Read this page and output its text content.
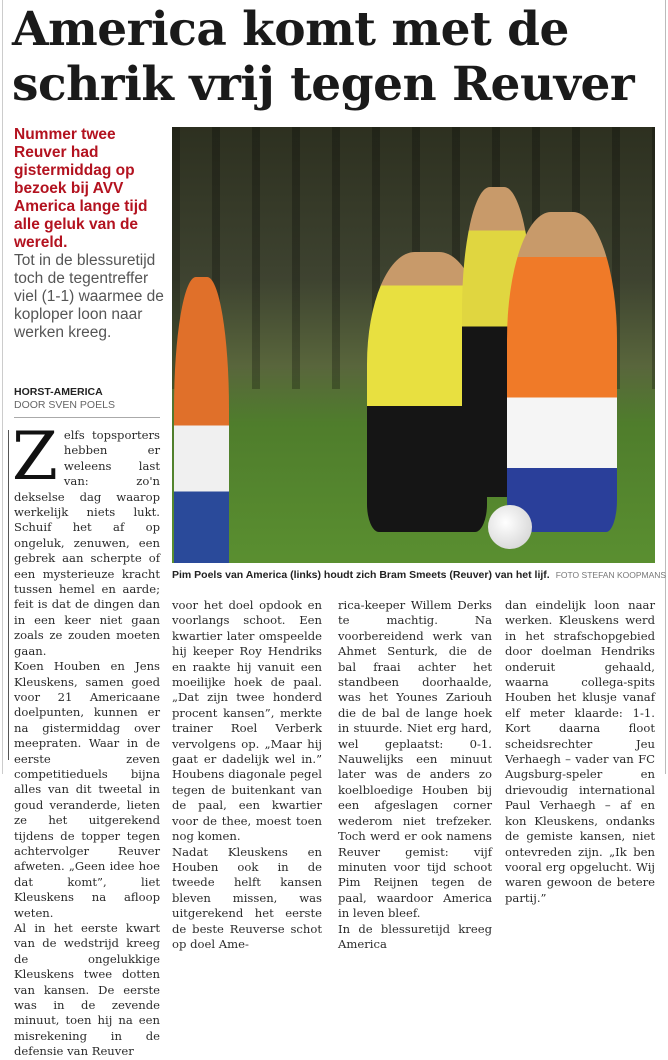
America komt met de schrik vrij tegen Reuver
Nummer twee Reuver had gistermiddag op bezoek bij AVV America lange tijd alle geluk van de wereld.
Tot in de blessuretijd toch de tegentreffer viel (1-1) waarmee de koploper loon naar werken kreeg.
HORST-AMERICA
DOOR SVEN POELS
Pim Poels van America (links) houdt zich Bram Smeets (Reuver) van het lijf. FOTO STEFAN KOOPMANS
Z elfs topsporters hebben er weleens last van: zo'n dekselse dag waarop werkelijk niets lukt. Schuif het af op ongeluk, zenuwen, een gebrek aan scherpte of een mysterieuze kracht tussen hemel en aarde; feit is dat de dingen dan in een keer niet gaan zoals ze zouden moeten gaan.

Koen Houben en Jens Kleuskens, samen goed voor 21 Americaane doelpunten, kunnen er na gistermiddag over meepraten. Waar in de eerste zeven competitieduels bijna alles van dit tweetal in goud veranderde, lieten ze het uitgerekend tijdens de topper tegen achtervolger Reuver afweten. „Geen idee hoe dat komt”, liet Kleuskens na afloop weten.

Al in het eerste kwart van de wedstrijd kreeg de ongelukkige Kleuskens twee dotten van kansen. De eerste was in de zevende minuut, toen hij na een misrekening in de defensie van Reuver

voor het doel opdook en voorlangs schoot. Een kwartier later omspeelde hij keeper Roy Hendriks en raakte hij vanuit een moeilijke hoek de paal. „Dat zijn twee honderd procent kansen”, merkte trainer Roel Verberk vervolgens op. „Maar hij gaat er dadelijk wel in.” Houbens diagonale pegel tegen de buitenkant van de paal, een kwartier voor de thee, moest toen nog komen.

Nadat Kleuskens en Houben ook in de tweede helft kansen bleven missen, was uitgerekend het eerste de beste Reuverse schot op doel Ame-

rica-keeper Willem Derks te machtig. Na voorbereidend werk van Ahmet Senturk, die de bal fraai achter het standbeen doorhaalde, was het Younes Zariouh die de bal de lange hoek in stuurde. Niet erg hard, wel geplaatst: 0-1. Nauwelijks een minuut later was de anders zo koelbloedige Houben bij een afgeslagen corner wederom niet trefzeker. Toch werd er ook namens Reuver gemist: vijf minuten voor tijd schoot Pim Reijnen tegen de paal, waardoor America in leven bleef.

In de blessuretijd kreeg America

dan eindelijk loon naar werken. Kleuskens werd in het strafschopgebied door doelman Hendriks onderuit gehaald, waarna collega-spits Houben het klusje vanaf elf meter klaarde: 1-1. Kort daarna floot scheidsrechter Jeu Verhaegh – vader van FC Augsburg-speler en drievoudig international Paul Verhaegh – af en kon Kleuskens, ondanks de gemiste kansen, niet ontevreden zijn. „Ik ben vooral erg opgelucht. Wij waren gewoon de betere partij.”
